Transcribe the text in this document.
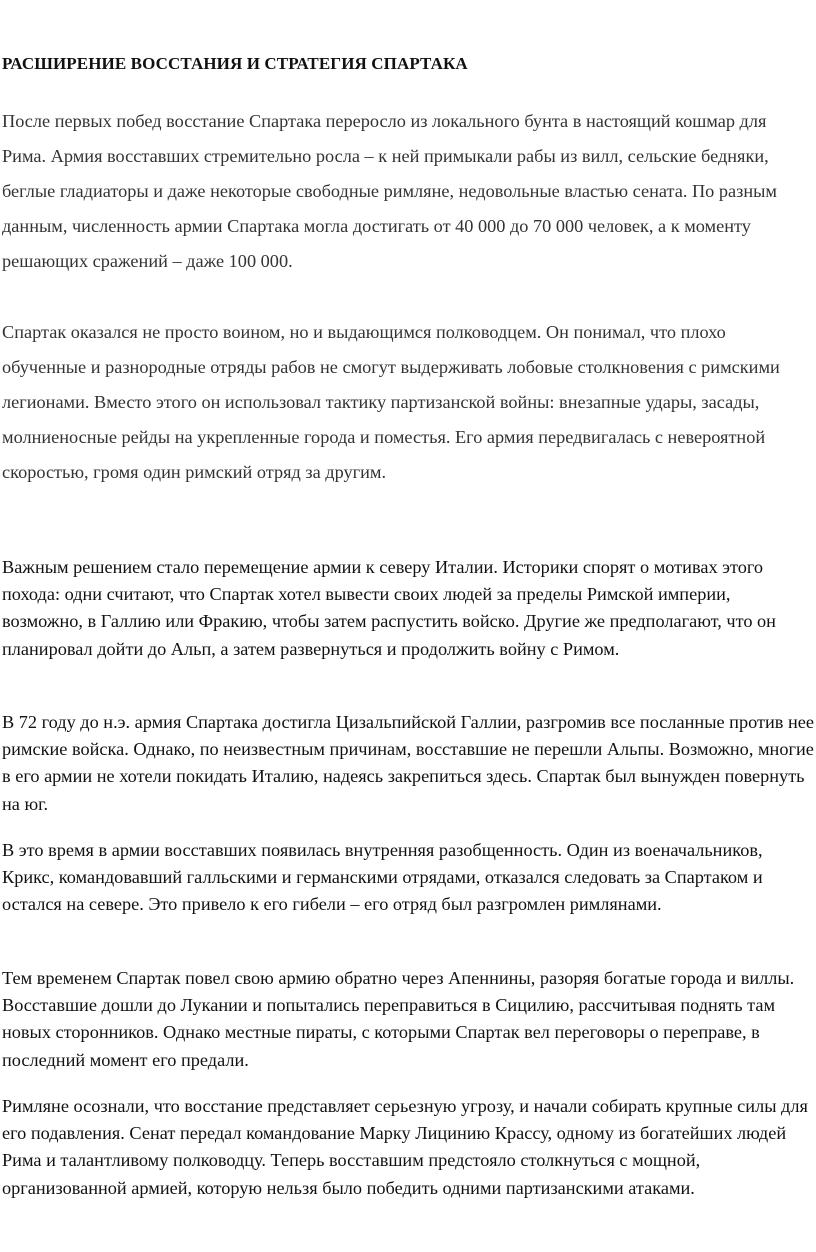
РАСШИРЕНИЕ ВОССТАНИЯ И СТРАТЕГИЯ СПАРТАКА

После первых побед восстание Спартака переросло из локального бунта в настоящий кошмар для Рима. Армия восставших стремительно росла – к ней примыкали рабы из вилл, сельские бедняки, беглые гладиаторы и даже некоторые свободные римляне, недовольные властью сената. По разным данным, численность армии Спартака могла достигать от 40 000 до 70 000 человек, а к моменту решающих сражений – даже 100 000.

Спартак оказался не просто воином, но и выдающимся полководцем. Он понимал, что плохо обученные и разнородные отряды рабов не смогут выдерживать лобовые столкновения с римскими легионами. Вместо этого он использовал тактику партизанской войны: внезапные удары, засады, молниеносные рейды на укрепленные города и поместья. Его армия передвигалась с невероятной скоростью, громя один римский отряд за другим.

Важным решением стало перемещение армии к северу Италии. Историки спорят о мотивах этого похода: одни считают, что Спартак хотел вывести своих людей за пределы Римской империи, возможно, в Галлию или Фракию, чтобы затем распустить войско. Другие же предполагают, что он планировал дойти до Альп, а затем развернуться и продолжить войну с Римом.

В 72 году до н.э. армия Спартака достигла Цизальпийской Галлии, разгромив все посланные против нее римские войска. Однако, по неизвестным причинам, восставшие не перешли Альпы. Возможно, многие в его армии не хотели покидать Италию, надеясь закрепиться здесь. Спартак был вынужден повернуть на юг.

В это время в армии восставших появилась внутренняя разобщенность. Один из военачальников, Крикс, командовавший галльскими и германскими отрядами, отказался следовать за Спартаком и остался на севере. Это привело к его гибели – его отряд был разгромлен римлянами.

Тем временем Спартак повел свою армию обратно через Апеннины, разоряя богатые города и виллы. Восставшие дошли до Лукании и попытались переправиться в Сицилию, рассчитывая поднять там новых сторонников. Однако местные пираты, с которыми Спартак вел переговоры о переправе, в последний момент его предали.

Римляне осознали, что восстание представляет серьезную угрозу, и начали собирать крупные силы для его подавления. Сенат передал командование Марку Лицинию Крассу, одному из богатейших людей Рима и талантливому полководцу. Теперь восставшим предстояло столкнуться с мощной, организованной армией, которую нельзя было победить одними партизанскими атаками.
